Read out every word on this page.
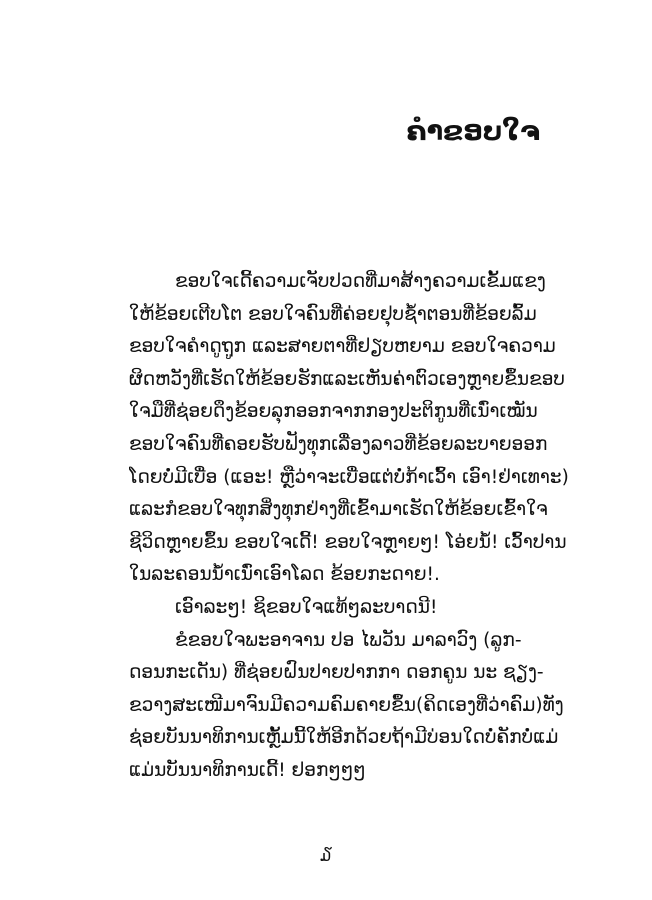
ຄຳຂອບໃຈ
ຂອບໃຈເດີ້ຄວາມເຈັບປວດທີ່ມາສ້າງຄວາມເຂັ້ມແຂງ
ໃຫ້ຂ້ອຍເຕີບໂຕ ຂອບໃຈຄົນທີ່ຄ່ອຍຢຸບຊ້ຳຕອນທີ່ຂ້ອຍລົ້ມ
ຂອບໃຈຄຳດູຖູກ ແລະສາຍຕາທີ່ຢຽບຫຍາມ ຂອບໃຈຄວາມ
ຜິດຫວັງທີ່ເຮັດໃຫ້ຂ້ອຍຮັກແລະເຫັນຄ່າຕົວເອງຫຼາຍຂຶ້ນຂອບ
ໃຈມືທີ່ຊ່ອຍດຶງຂ້ອຍລຸກອອກຈາກກອງປະຕິກູນທີ່ເນົ່າເໝັນ
ຂອບໃຈຄົນທີ່ຄອຍຮັບຟັງທຸກເລື່ອງລາວທີ່ຂ້ອຍລະບາຍອອກ
ໂດຍບໍ່ມີເບື່ອ (ແອະ! ຫຼືວ່າຈະເບື່ອແຕ່ບໍ່ກ້າເວົ້າ ເອົາ!ຢ່າເທາະ)
ແລະກໍຂອບໃຈທຸກສິ່ງທຸກຢ່າງທີ່ເຂົ້າມາເຮັດໃຫ້ຂ້ອຍເຂົ້າໃຈ
ຊີວິດຫຼາຍຂຶ້ນ ຂອບໃຈເດີ້! ຂອບໃຈຫຼາຍໆ! ໂອ່ຍນໍ້! ເວົ້າປານ
ໃນລະຄອນນໍ້າເນົ່າເອົາໂລດ ຂ້ອຍກະດາຍ!.
ເອົາລະໆ! ຊິຂອບໃຈແທ້ໆລະບາດນີ!
ຂໍຂອບໃຈພະອາຈານ ປອ ໄພວັນ ມາລາວົງ (ລູກ-
ດອນກະເດັນ) ທີ່ຊ່ອຍຝົນປາຍປາກກາ ດອກຄູນ ນະ ຊຽງ-
ຂວາງສະເໜີມາຈົນມີຄວາມຄົມຄາຍຂຶ້ນ(ຄິດເອງທີ່ວ່າຄົມ)ທັງ
ຊ່ອຍບັນນາທິການເຫຼັ້ມນີ້ໃຫ້ອີກດ້ວຍຖ້າມີບ່ອນໃດບໍ່ຄັກບໍ່ແມ່
ແມ່ນບັນນາທິການເດີ້! ຢອກໆໆໆ
໓
